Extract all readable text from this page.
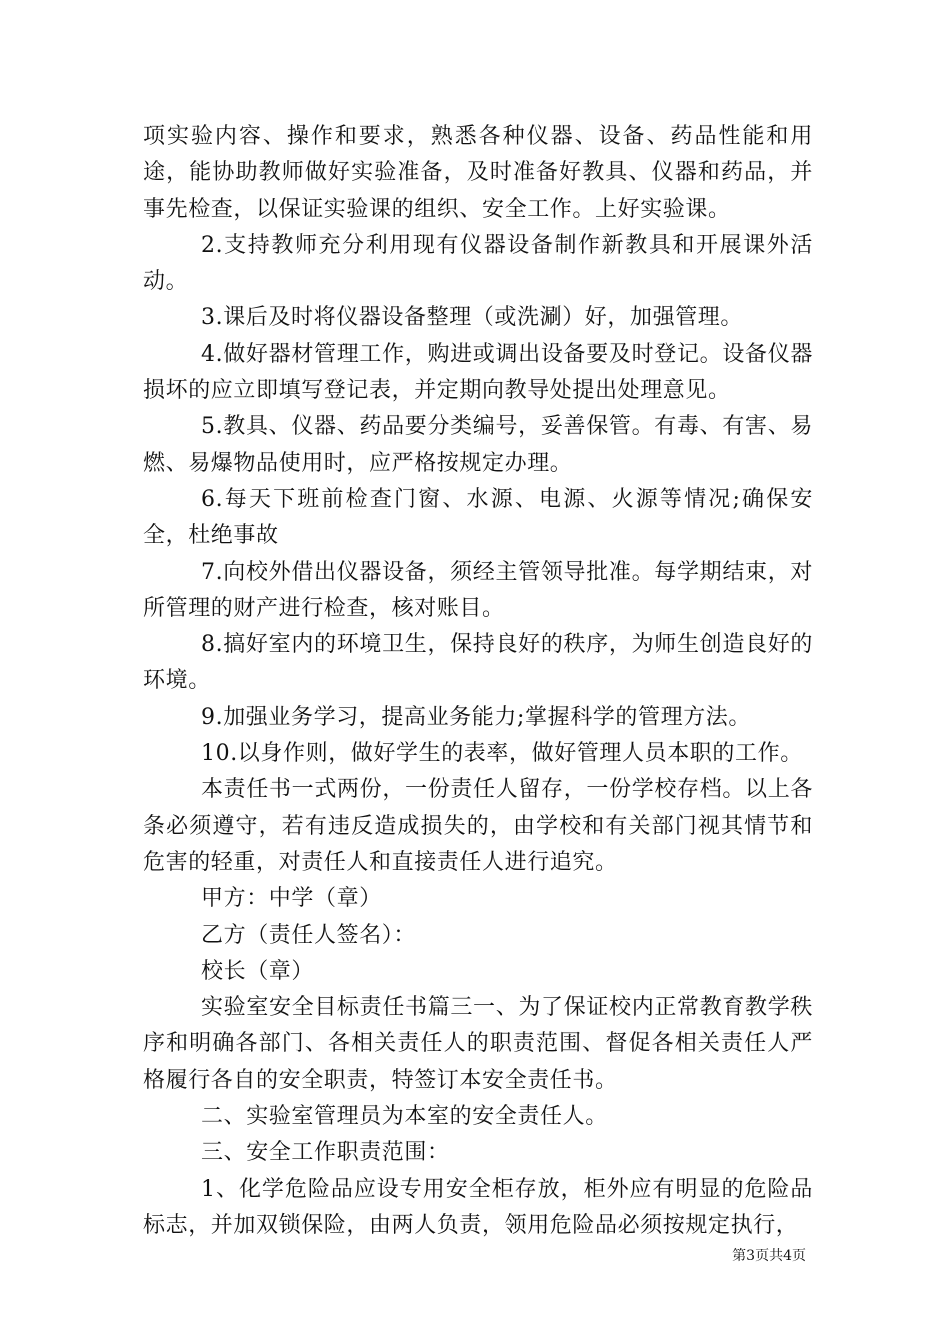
项实验内容、操作和要求，熟悉各种仪器、设备、药品性能和用途，能协助教师做好实验准备，及时准备好教具、仪器和药品，并事先检查，以保证实验课的组织、安全工作。上好实验课。

2.支持教师充分利用现有仪器设备制作新教具和开展课外活动。

3.课后及时将仪器设备整理（或洗涮）好，加强管理。

4.做好器材管理工作，购进或调出设备要及时登记。设备仪器损坏的应立即填写登记表，并定期向教导处提出处理意见。

5.教具、仪器、药品要分类编号，妥善保管。有毒、有害、易燃、易爆物品使用时，应严格按规定办理。

6.每天下班前检查门窗、水源、电源、火源等情况;确保安全，杜绝事故

7.向校外借出仪器设备，须经主管领导批准。每学期结束，对所管理的财产进行检查，核对账目。

8.搞好室内的环境卫生，保持良好的秩序，为师生创造良好的环境。

9.加强业务学习，提高业务能力;掌握科学的管理方法。

10.以身作则，做好学生的表率，做好管理人员本职的工作。

本责任书一式两份，一份责任人留存，一份学校存档。以上各条必须遵守，若有违反造成损失的，由学校和有关部门视其情节和危害的轻重，对责任人和直接责任人进行追究。

甲方：中学（章）

乙方（责任人签名）：

校长（章）

实验室安全目标责任书篇三一、为了保证校内正常教育教学秩序和明确各部门、各相关责任人的职责范围、督促各相关责任人严格履行各自的安全职责，特签订本安全责任书。

二、实验室管理员为本室的安全责任人。

三、安全工作职责范围：

1、化学危险品应设专用安全柜存放，柜外应有明显的危险品标志，并加双锁保险，由两人负责，领用危险品必须按规定执行，

第3页共4页
